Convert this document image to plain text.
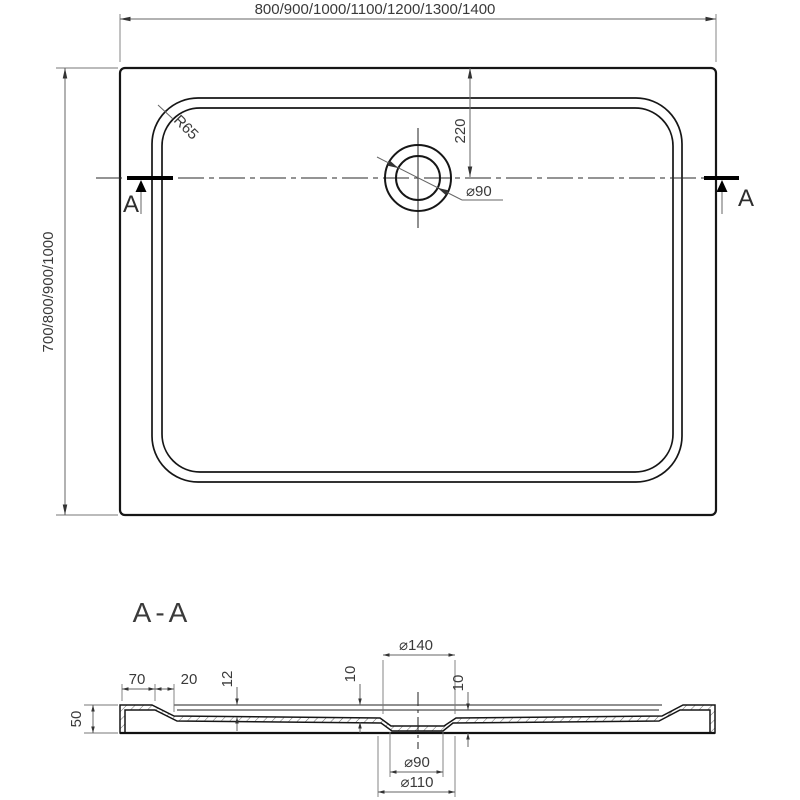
800/900/1000/1100/1200/1300/1400
700/800/900/1000
R65
⌀90
220
A	A
A-A
50
70 20 12
⌀140
10
10
⌀90
⌀110
